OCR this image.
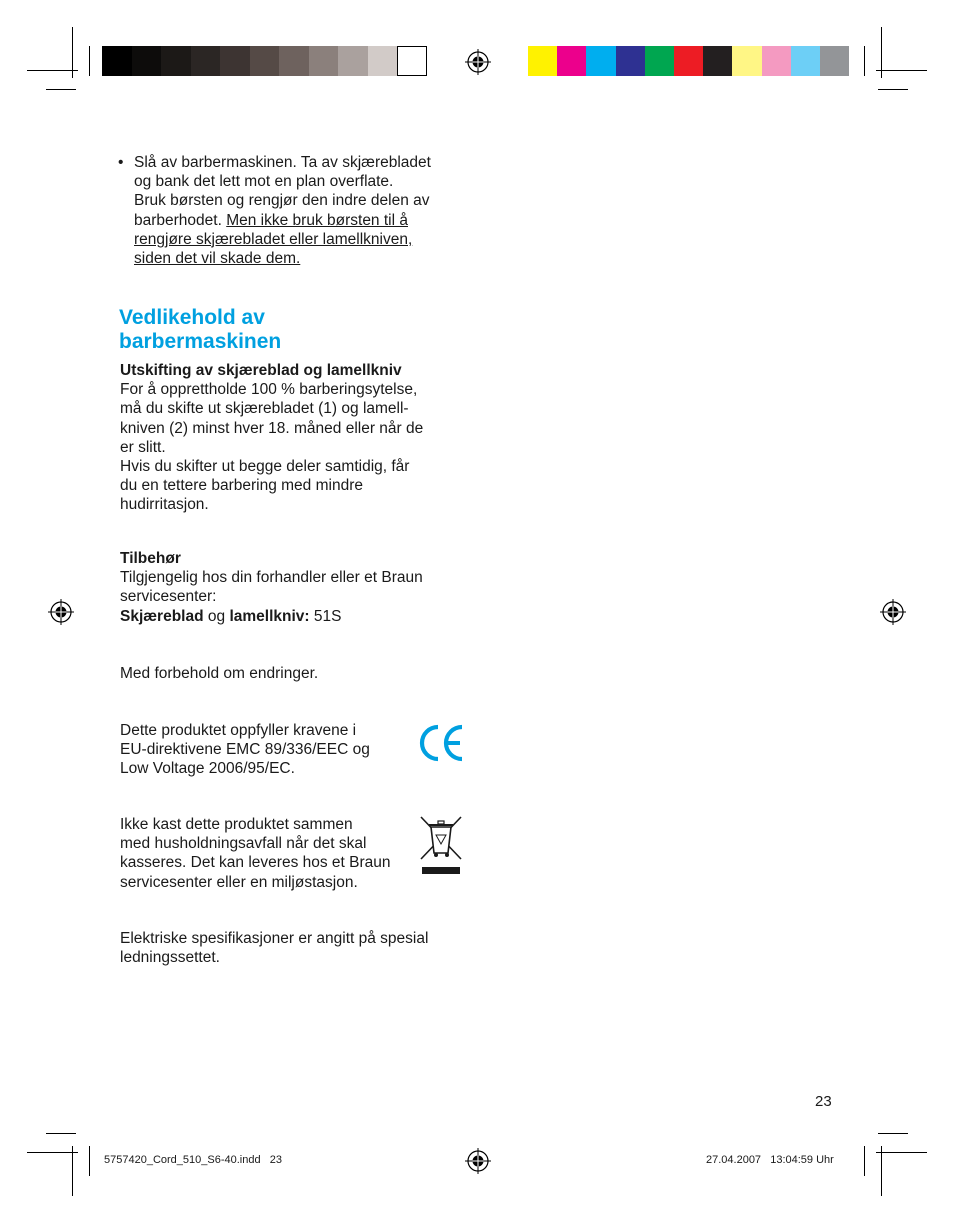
• Slå av barbermaskinen. Ta av skjærebladet
og bank det lett mot en plan overflate.
Bruk børsten og rengjør den indre delen av
barberhodet. Men ikke bruk børsten til å
rengjøre skjærebladet eller lamellkniven,
siden det vil skade dem.
Vedlikehold av
barbermaskinen
Utskifting av skjæreblad og lamellkniv
For å opprettholde 100 % barberingsytelse,
må du skifte ut skjærebladet (1) og lamell-
kniven (2) minst hver 18. måned eller når de
er slitt.
Hvis du skifter ut begge deler samtidig, får
du en tettere barbering med mindre
hudirritasjon.
Tilbehør
Tilgjengelig hos din forhandler eller et Braun
servicesenter:
Skjæreblad og lamellkniv: 51S
Med forbehold om endringer.
Dette produktet oppfyller kravene i
EU-direktivene EMC 89/336/EEC og
Low Voltage 2006/95/EC.
Ikke kast dette produktet sammen
med husholdningsavfall når det skal
kasseres. Det kan leveres hos et Braun
servicesenter eller en miljøstasjon.
Elektriske spesifikasjoner er angitt på spesial
ledningssettet.
23
5757420_Cord_510_S6-40.indd   23	27.04.2007   13:04:59 Uhr
